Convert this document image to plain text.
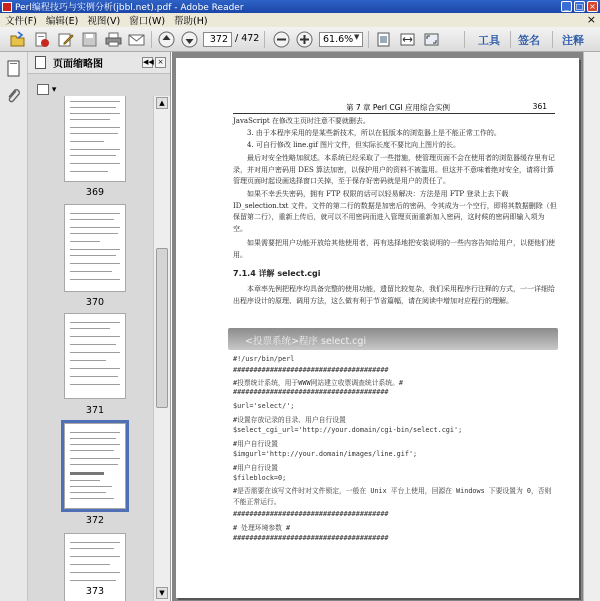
Perl编程技巧与实例分析(jbbl.net).pdf - Adobe Reader	_ □ ×
文件(F) 编辑(E) 视图(V) 窗口(W) 帮助(H)	×
372 / 472	61.6% ▼	工具 签名 注释
页面缩略图	◀◀ ×
▾
369
370
371
372
373
▲
▼
第 7 章 Perl CGI 应用综合实例	361
JavaScript 在修改主页时注意不要就删去。
3. 由于本程序采用的是某些新技术，所以在低版本的浏览器上是不能正常工作的。
4. 可自行修改 line.gif 图片文件，但实际长度不要比向上图片的长。
最后对安全性略加叙述。本系统已经采取了一些措施，使管理页面不会在使用者的浏览器缓存里有记录，并对用户密码用 DES 算法加密，以保护用户的资料不被滥用。但这并不意味着绝对安全，请将计算管理页面时起设画选择窗口关掉，至于保存好密码就是用户的责任了。
如果不幸丢失密码，拥有 FTP 权限的话可以轻易解决：方法是用 FTP 登录上去下载 ID_selection.txt 文件。文件的第二行的数据是加密后的密码，令其成为一个空行，即将其数据删除（但保留第二行），重新上传后，就可以不用密码而进入管理页面重新加入密码，这时候的密码即输入项为空。
如果需要把用户功能开放给其他使用者，再有选择地把安装说明的一些内容告知给用户，以便他们使用。
7.1.4 详解 select.cgi
本章率先例把程序均具备完整的使用功能，遗留比较复杂，我们采用程序行注释的方式，一一详细给出程序设计的原理、调用方法，这么做有利于节省篇幅，请在阅读中增加对应程行的理解。
<投票系统>程序 select.cgi
#!/usr/bin/perl
######################################
#投票统计系统，用于WWW网站建立收票调查统计系统。#
######################################
$url='select/';
#设置存放记录的目录、用户自行设置
$select_cgi_url='http://your.domain/cgi-bin/select.cgi';
#用户自行设置
$imgurl='http://your.domain/images/line.gif';
#用户自行设置
$fileblock=0;
#是否需要在该写文件时对文件锁定，一般在 Unix 平台上使用，回源在 Windows 下要设置为 0，否则不能正常运行。
######################################
# 处理环境参数 #
######################################
